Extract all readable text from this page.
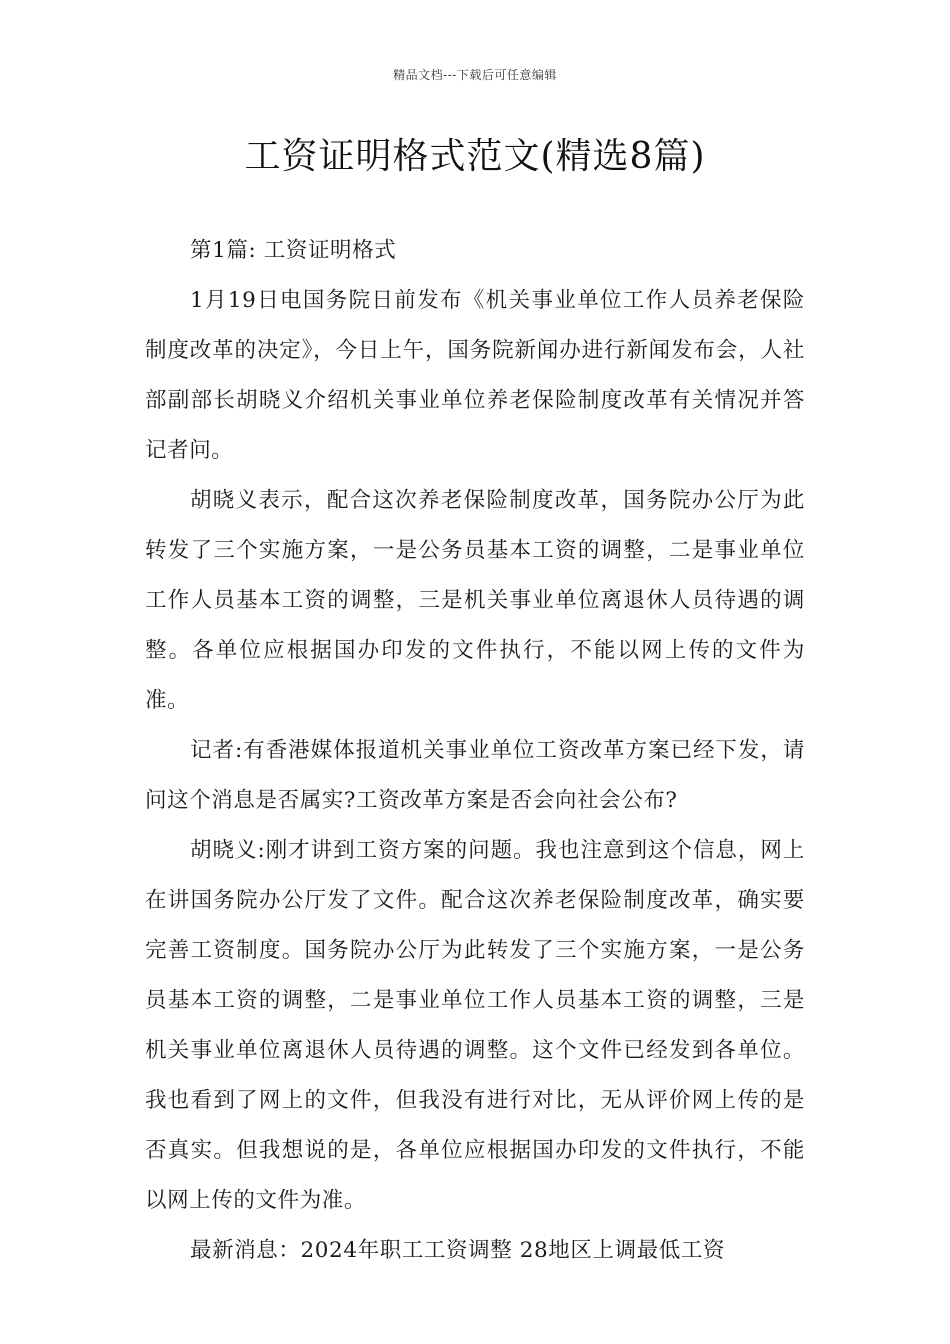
精品文档---下载后可任意编辑
工资证明格式范文(精选8篇)

第1篇: 工资证明格式

1月19日电国务院日前发布《机关事业单位工作人员养老保险制度改革的决定》，今日上午，国务院新闻办进行新闻发布会，人社部副部长胡晓义介绍机关事业单位养老保险制度改革有关情况并答记者问。

胡晓义表示，配合这次养老保险制度改革，国务院办公厅为此转发了三个实施方案，一是公务员基本工资的调整，二是事业单位工作人员基本工资的调整，三是机关事业单位离退休人员待遇的调整。各单位应根据国办印发的文件执行，不能以网上传的文件为准。

记者:有香港媒体报道机关事业单位工资改革方案已经下发，请问这个消息是否属实?工资改革方案是否会向社会公布?

胡晓义:刚才讲到工资方案的问题。我也注意到这个信息，网上在讲国务院办公厅发了文件。配合这次养老保险制度改革，确实要完善工资制度。国务院办公厅为此转发了三个实施方案，一是公务员基本工资的调整，二是事业单位工作人员基本工资的调整，三是机关事业单位离退休人员待遇的调整。这个文件已经发到各单位。我也看到了网上的文件，但我没有进行对比，无从评价网上传的是否真实。但我想说的是，各单位应根据国办印发的文件执行，不能以网上传的文件为准。

最新消息：2024年职工工资调整 28地区上调最低工资
